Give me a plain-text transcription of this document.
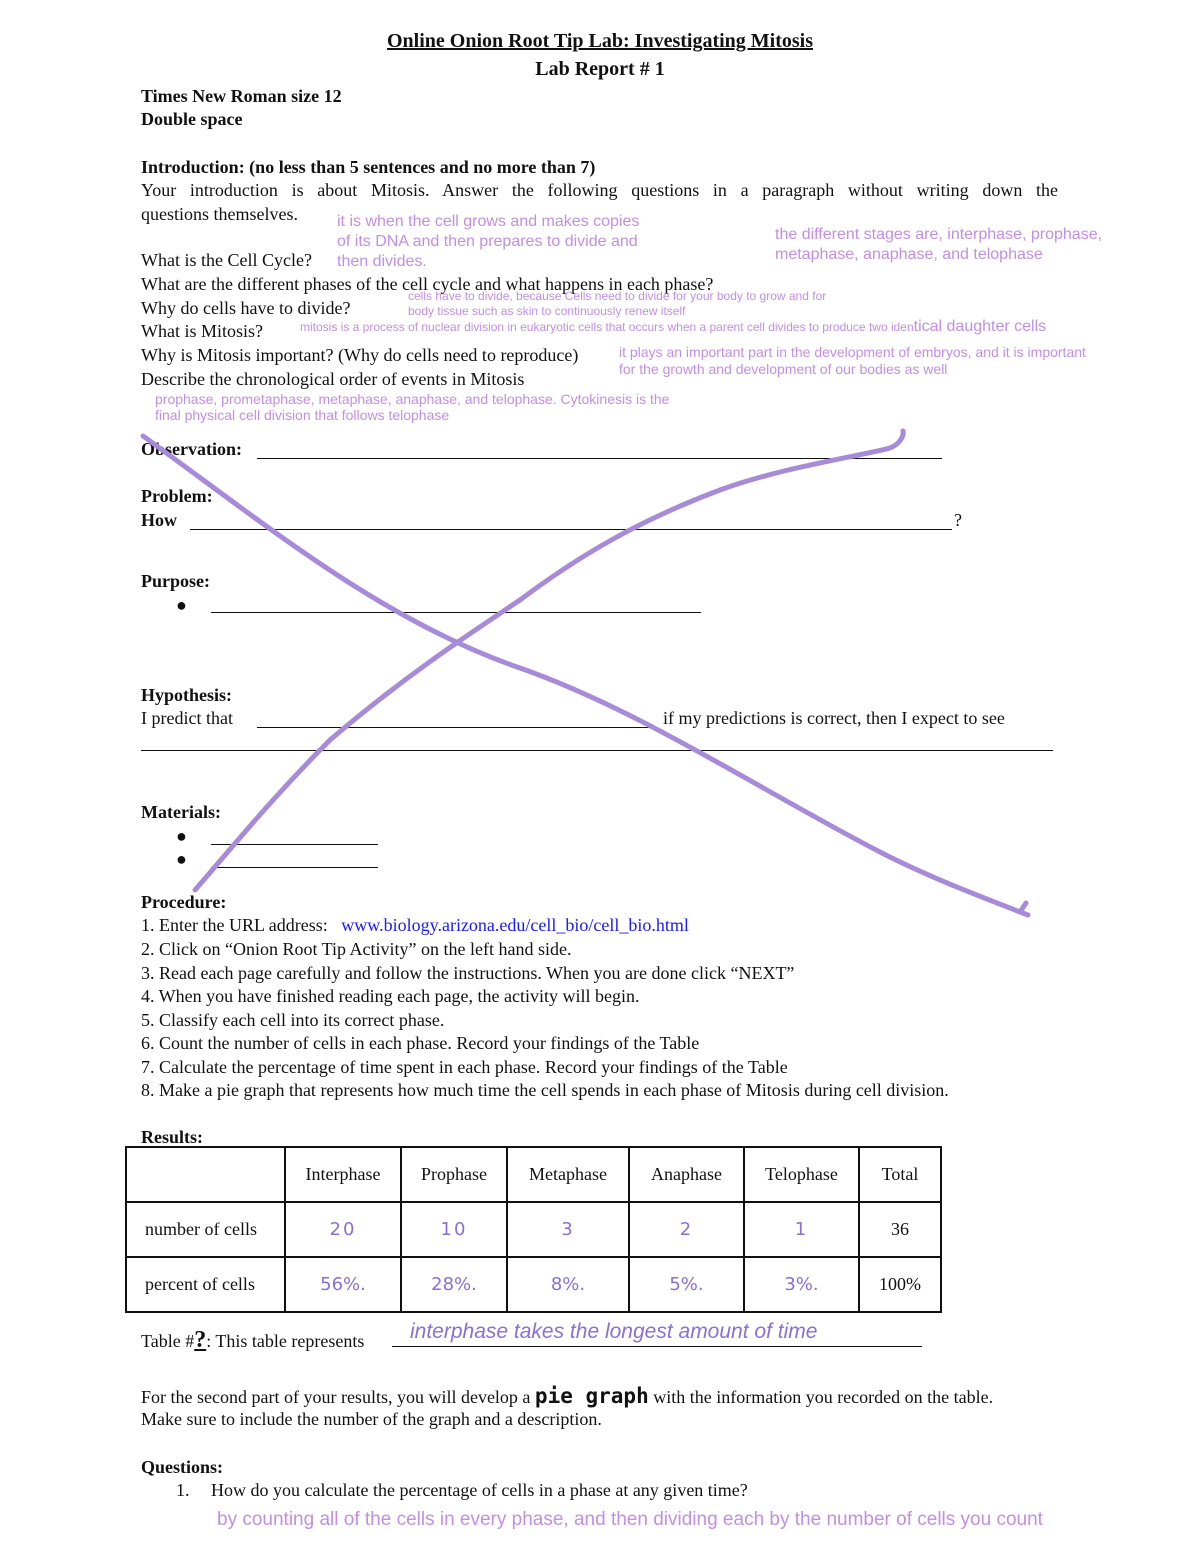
Online Onion Root Tip Lab: Investigating Mitosis
Lab Report # 1
Times New Roman size 12
Double space
Introduction: (no less than 5 sentences and no more than 7)
Your introduction is about Mitosis. Answer the following questions in a paragraph without writing down the
questions themselves.
What is the Cell Cycle?
What are the different phases of the cell cycle and what happens in each phase?
Why do cells have to divide?
What is Mitosis?
Why is Mitosis important? (Why do cells need to reproduce)
Describe the chronological order of events in Mitosis
it is when the cell grows and makes copies
of its DNA and then prepares to divide and
then divides.
the different stages are, interphase, prophase,
metaphase, anaphase, and telophase
cells have to divide, because Cells need to divide for your body to grow and for
body tissue such as skin to continuously renew itself
mitosis is a process of nuclear division in eukaryotic cells that occurs when a parent cell divides to produce two identical daughter cells
it plays an important part in the development of embryos, and it is important
for the growth and development of our bodies as well
prophase, prometaphase, metaphase, anaphase, and telophase. Cytokinesis is the
final physical cell division that follows telophase
Observation:
Problem:
How	?
Purpose:
●
Hypothesis:
I predict that	if my predictions is correct, then I expect to see
Materials:
●
●
Procedure:
1. Enter the URL address: www.biology.arizona.edu/cell_bio/cell_bio.html
2. Click on “Onion Root Tip Activity” on the left hand side.
3. Read each page carefully and follow the instructions. When you are done click “NEXT”
4. When you have finished reading each page, the activity will begin.
5. Classify each cell into its correct phase.
6. Count the number of cells in each phase. Record your findings of the Table
7. Calculate the percentage of time spent in each phase. Record your findings of the Table
8. Make a pie graph that represents how much time the cell spends in each phase of Mitosis during cell division.
Results:
	Interphase	Prophase	Metaphase	Anaphase	Telophase	Total
number of cells	20	10	3	2	1	36
percent of cells	56%.	28%.	8%.	5%.	3%.	100%
Table #?: This table represents interphase takes the longest amount of time
For the second part of your results, you will develop a pie graph with the information you recorded on the table.
Make sure to include the number of the graph and a description.
Questions:
1. How do you calculate the percentage of cells in a phase at any given time?
by counting all of the cells in every phase, and then dividing each by the number of cells you count
